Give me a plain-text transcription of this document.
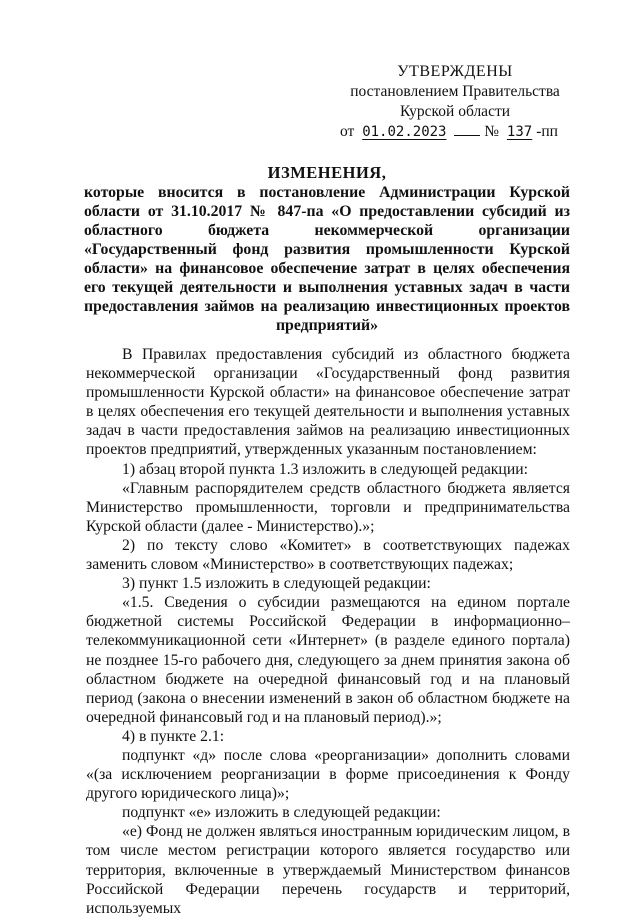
УТВЕРЖДЕНЫ
постановлением Правительства
Курской области
от 01.02.2023 № 137 -пп
ИЗМЕНЕНИЯ,
которые вносится в постановление Администрации Курской области от 31.10.2017 № 847-па «О предоставлении субсидий из областного бюджета некоммерческой организации «Государственный фонд развития промышленности Курской области» на финансовое обеспечение затрат в целях обеспечения его текущей деятельности и выполнения уставных задач в части предоставления займов на реализацию инвестиционных проектов предприятий»

В Правилах предоставления субсидий из областного бюджета некоммерческой организации «Государственный фонд развития промышленности Курской области» на финансовое обеспечение затрат в целях обеспечения его текущей деятельности и выполнения уставных задач в части предоставления займов на реализацию инвестиционных проектов предприятий, утвержденных указанным постановлением:

1) абзац второй пункта 1.3 изложить в следующей редакции:

«Главным распорядителем средств областного бюджета является Министерство промышленности, торговли и предпринимательства Курской области (далее - Министерство).»;

2) по тексту слово «Комитет» в соответствующих падежах заменить словом «Министерство» в соответствующих падежах;

3) пункт 1.5 изложить в следующей редакции:

«1.5. Сведения о субсидии размещаются на едином портале бюджетной системы Российской Федерации в информационно–телекоммуникационной сети «Интернет» (в разделе единого портала) не позднее 15-го рабочего дня, следующего за днем принятия закона об областном бюджете на очередной финансовый год и на плановый период (закона о внесении изменений в закон об областном бюджете на очередной финансовый год и на плановый период).»;

4) в пункте 2.1:

подпункт «д» после слова «реорганизации» дополнить словами «(за исключением реорганизации в форме присоединения к Фонду другого юридического лица)»;

подпункт «е» изложить в следующей редакции:

«е) Фонд не должен являться иностранным юридическим лицом, в том числе местом регистрации которого является государство или территория, включенные в утверждаемый Министерством финансов Российской Федерации перечень государств и территорий, используемых
